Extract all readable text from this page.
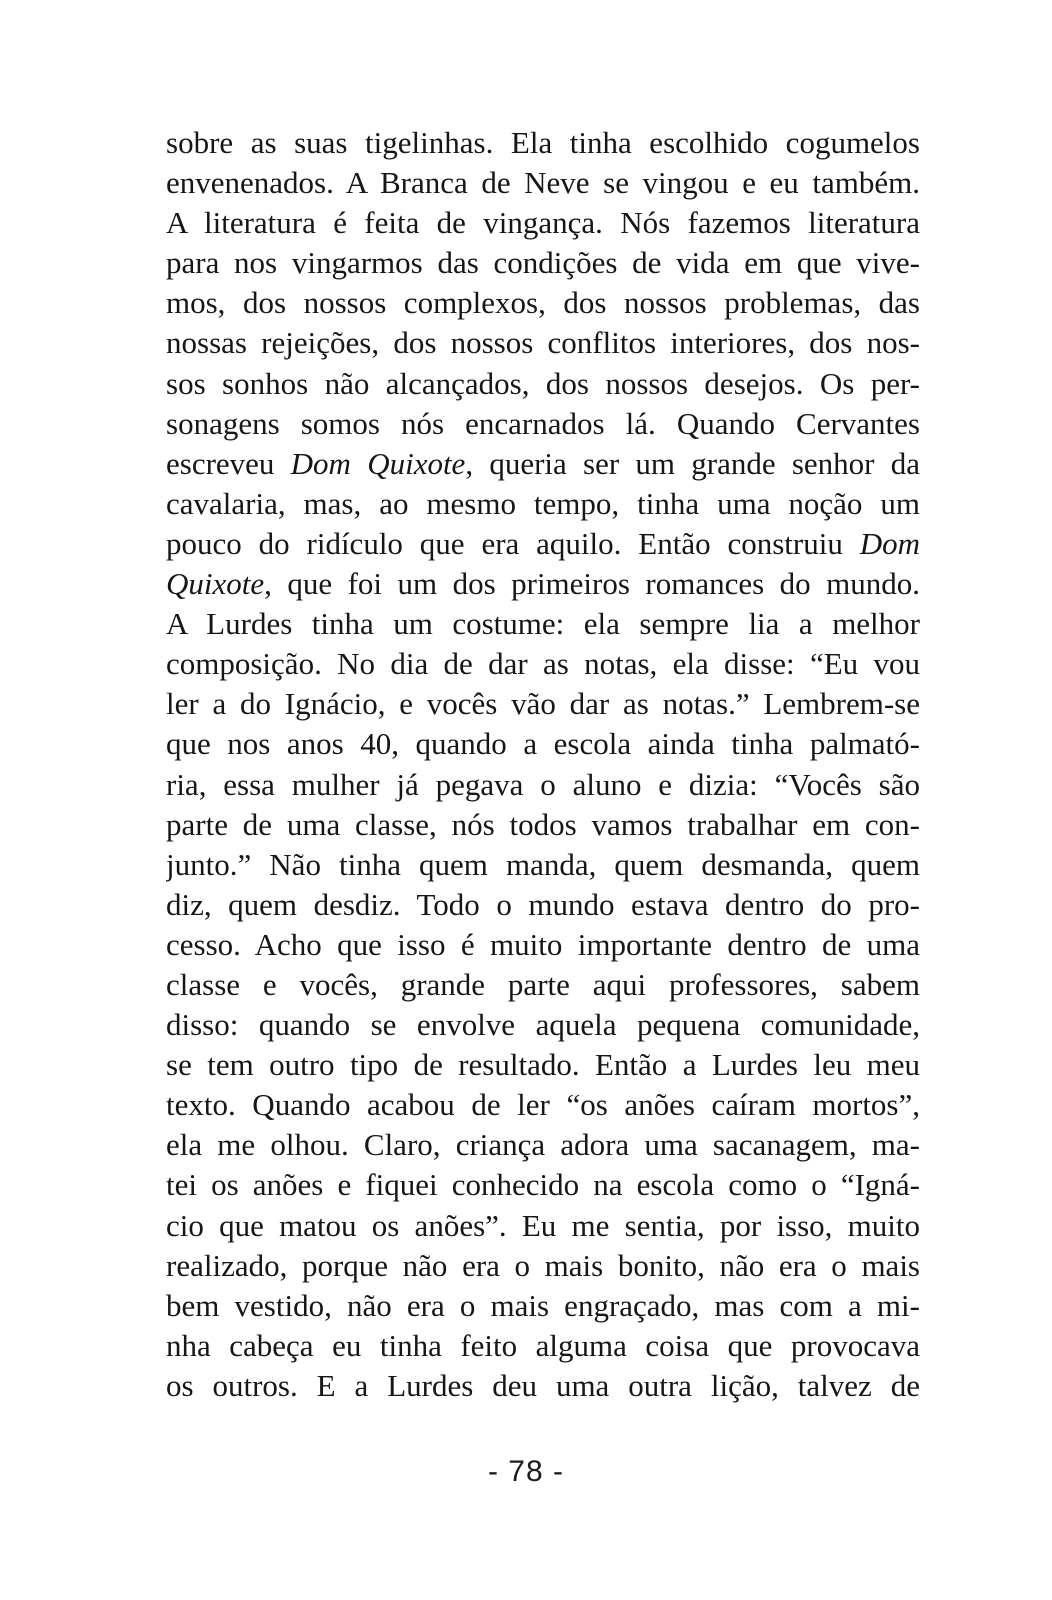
sobre as suas tigelinhas. Ela tinha escolhido cogumelos
envenenados. A Branca de Neve se vingou e eu também.
A literatura é feita de vingança. Nós fazemos literatura
para nos vingarmos das condições de vida em que vive-
mos, dos nossos complexos, dos nossos problemas, das
nossas rejeições, dos nossos conflitos interiores, dos nos-
sos sonhos não alcançados, dos nossos desejos. Os per-
sonagens somos nós encarnados lá. Quando Cervantes
escreveu Dom Quixote, queria ser um grande senhor da
cavalaria, mas, ao mesmo tempo, tinha uma noção um
pouco do ridículo que era aquilo. Então construiu Dom
Quixote, que foi um dos primeiros romances do mundo.
A Lurdes tinha um costume: ela sempre lia a melhor
composição. No dia de dar as notas, ela disse: “Eu vou
ler a do Ignácio, e vocês vão dar as notas.” Lembrem-se
que nos anos 40, quando a escola ainda tinha palmató-
ria, essa mulher já pegava o aluno e dizia: “Vocês são
parte de uma classe, nós todos vamos trabalhar em con-
junto.” Não tinha quem manda, quem desmanda, quem
diz, quem desdiz. Todo o mundo estava dentro do pro-
cesso. Acho que isso é muito importante dentro de uma
classe e vocês, grande parte aqui professores, sabem
disso: quando se envolve aquela pequena comunidade,
se tem outro tipo de resultado. Então a Lurdes leu meu
texto. Quando acabou de ler “os anões caíram mortos”,
ela me olhou. Claro, criança adora uma sacanagem, ma-
tei os anões e fiquei conhecido na escola como o “Igná-
cio que matou os anões”. Eu me sentia, por isso, muito
realizado, porque não era o mais bonito, não era o mais
bem vestido, não era o mais engraçado, mas com a mi-
nha cabeça eu tinha feito alguma coisa que provocava
os outros. E a Lurdes deu uma outra lição, talvez de
- 78 -
